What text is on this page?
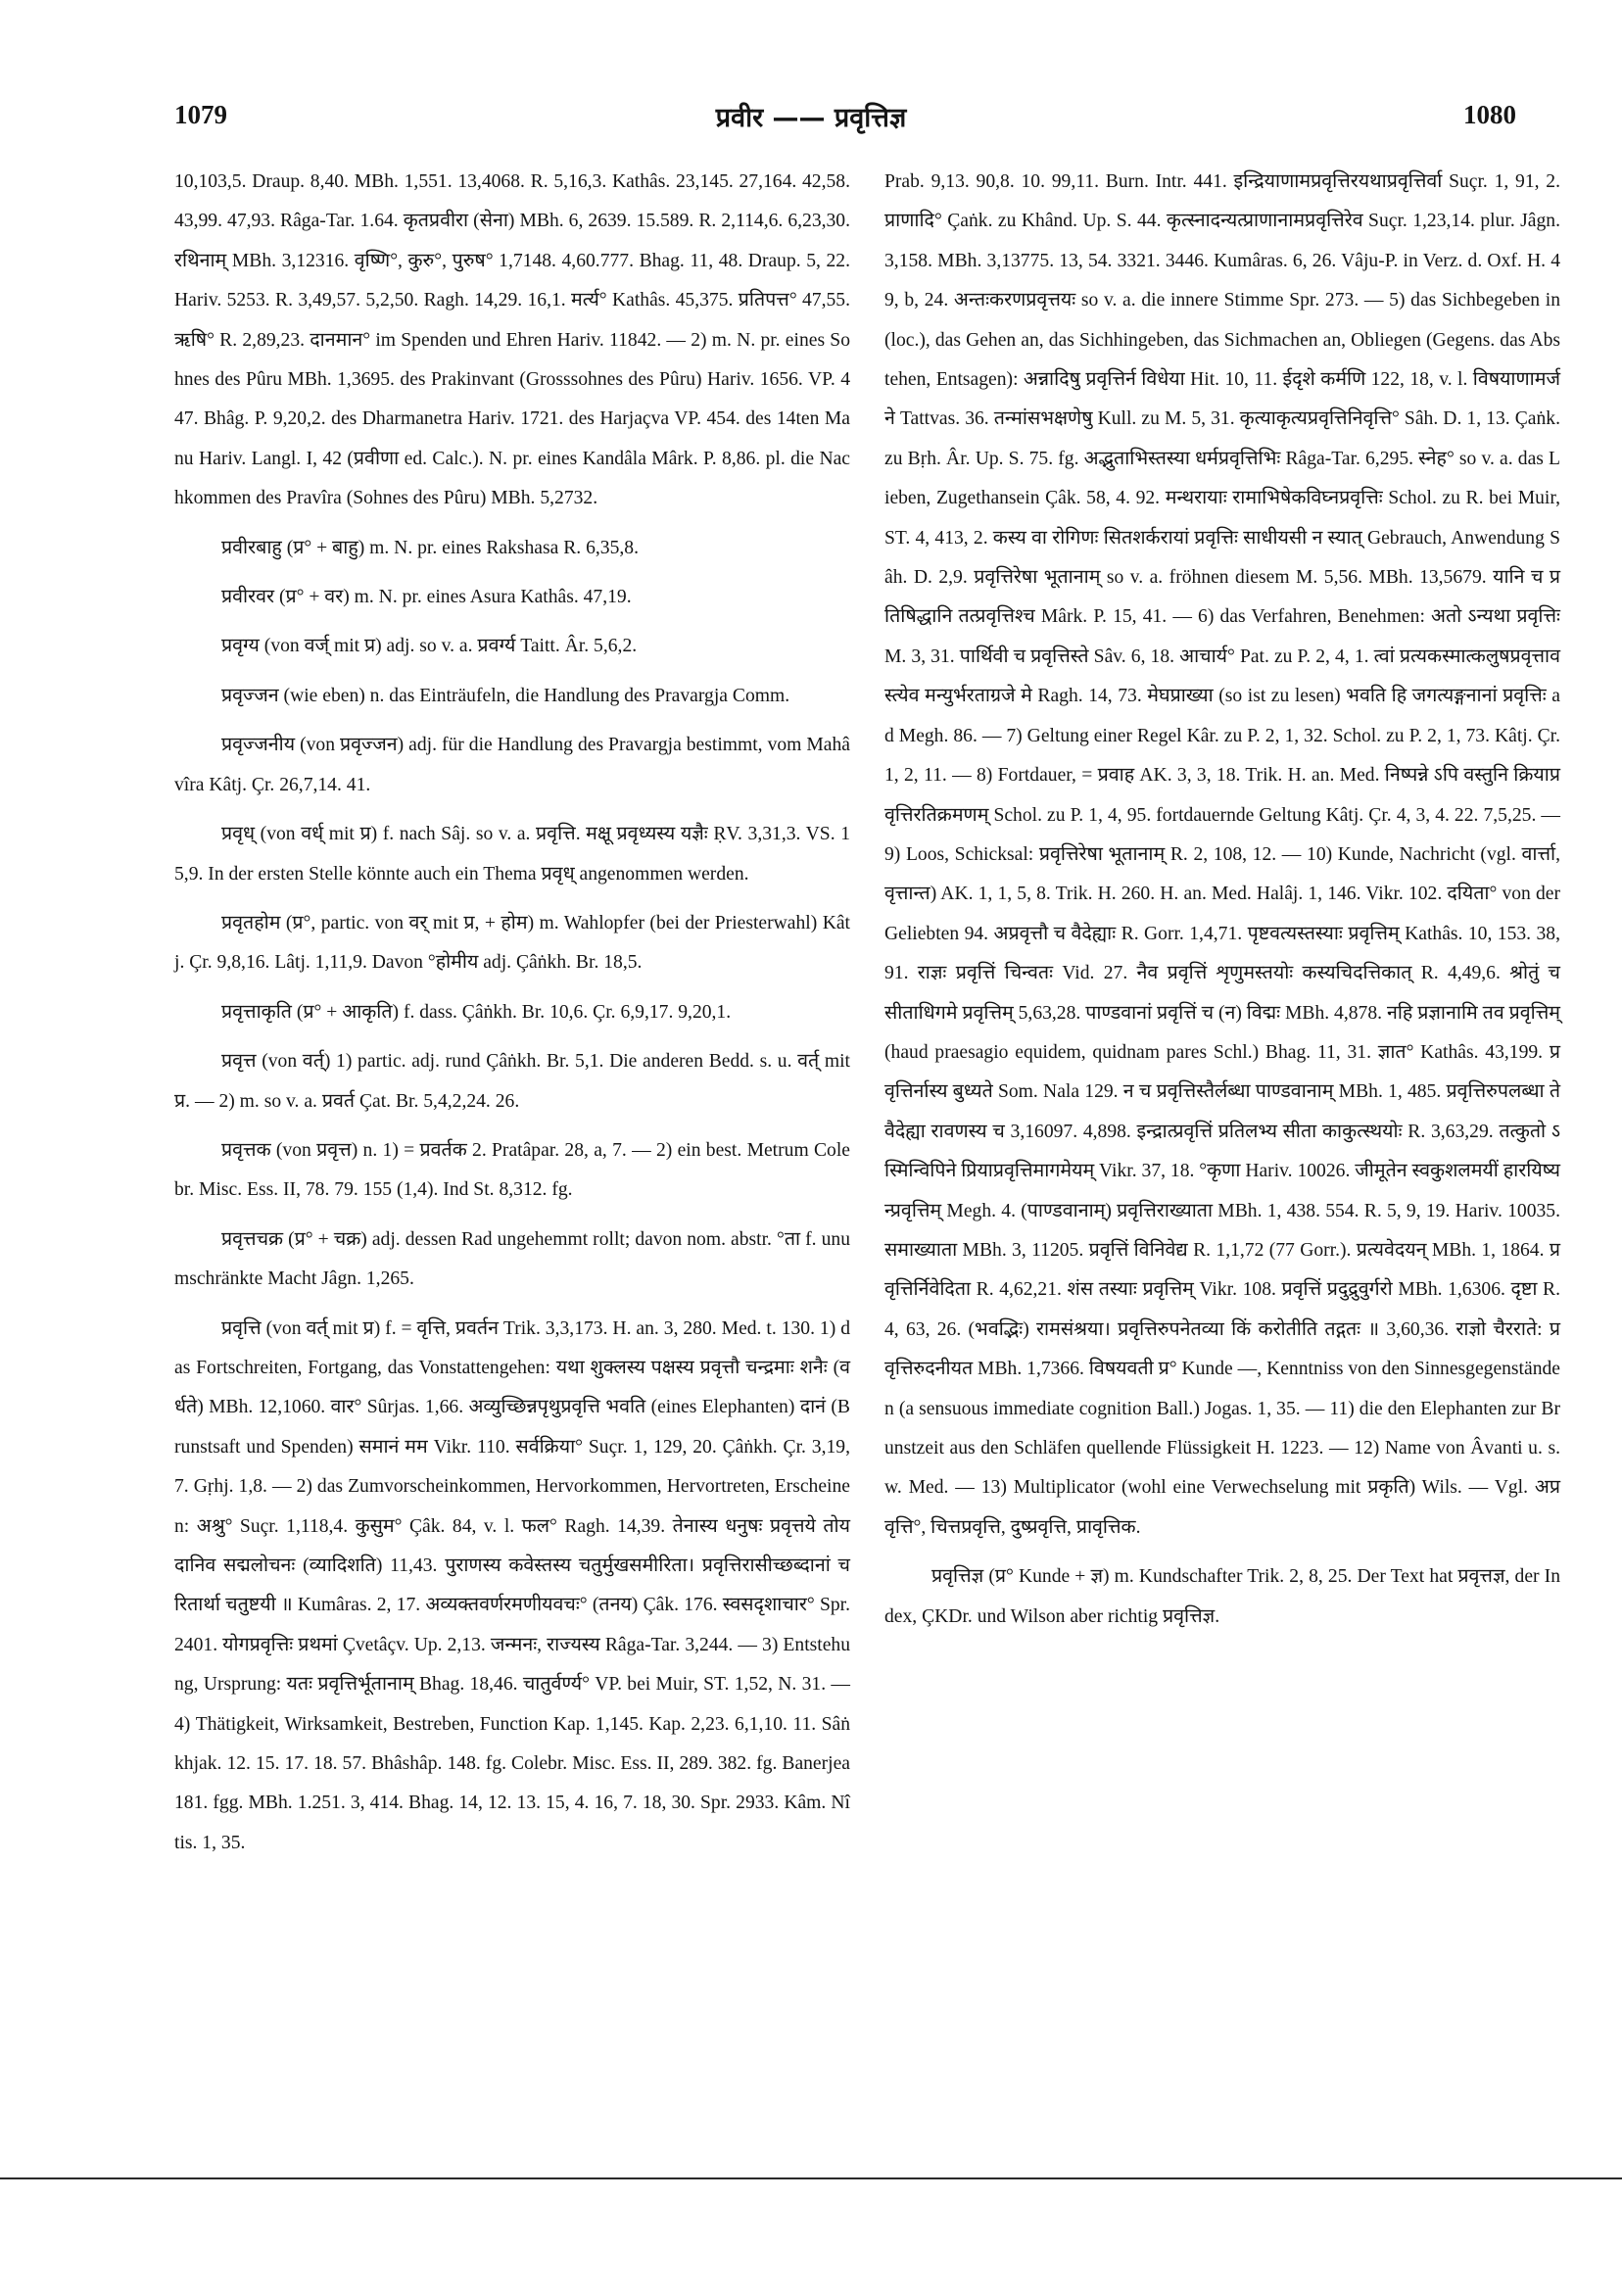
1079	प्रवीर —— प्रवृत्तिज्ञ	1080

10,103,5. Draup. 8,40. MBh. 1,551. 13,4068. R. 5,16,3. Kathâs. 23,145. 27,164. 42,58. 43,99. 47,93. Râga-Tar. 1.64. कृतप्रवीरा (सेना) MBh. 6, 2639. 15.589. R. 2,114,6. 6,23,30. रथिनाम् MBh. 3,12316. वृष्णि°, कुरु°, पुरुष° 1,7148. 4,60.777. Bhag. 11, 48. Draup. 5, 22. Hariv. 5253. R. 3,49,57. 5,2,50. Ragh. 14,29. 16,1. मर्त्य° Kathâs. 45,375. प्रतिपत्त° 47,55. ऋषि° R. 2,89,23. दानमान° im Spenden und Ehren Hariv. 11842. — 2) m. N. pr. eines Sohnes des Pûru MBh. 1,3695. des Prakinvant (Grosssohnes des Pûru) Hariv. 1656. VP. 447. Bhâg. P. 9,20,2. des Dharmanetra Hariv. 1721. des Harjaçva VP. 454. des 14ten Manu Hariv. Langl. I, 42 (प्रवीणा ed. Calc.). N. pr. eines Kandâla Mârk. P. 8,86. pl. die Nachkommen des Pravîra (Sohnes des Pûru) MBh. 5,2732.

प्रवीरबाहु (प्र° + बाहु) m. N. pr. eines Rakshasa R. 6,35,8.

प्रवीरवर (प्र° + वर) m. N. pr. eines Asura Kathâs. 47,19.

प्रवृग्य (von वर्ज् mit प्र) adj. so v. a. प्रवर्ग्य Taitt. Âr. 5,6,2.

प्रवृज्जन (wie eben) n. das Einträufeln, die Handlung des Pravargja Comm.

प्रवृज्जनीय (von प्रवृज्जन) adj. für die Handlung des Pravargja bestimmt, vom Mahâvîra Kâtj. Çr. 26,7,14. 41.

प्रवृध् (von वर्ध् mit प्र) f. nach Sâj. so v. a. प्रवृत्ति. मक्षू प्रवृध्यस्य यज्ञैः ṚV. 3,31,3. VS. 15,9. In der ersten Stelle könnte auch ein Thema प्रवृध् angenommen werden.

प्रवृतहोम (प्र°, partic. von वर् mit प्र, + होम) m. Wahlopfer (bei der Priesterwahl) Kâtj. Çr. 9,8,16. Lâtj. 1,11,9. Davon °होमीय adj. Çâṅkh. Br. 18,5.

प्रवृत्ताकृति (प्र° + आकृति) f. dass. Çâṅkh. Br. 10,6. Çr. 6,9,17. 9,20,1.

प्रवृत्त (von वर्त्) 1) partic. adj. rund Çâṅkh. Br. 5,1. Die anderen Bedd. s. u. वर्त् mit प्र. — 2) m. so v. a. प्रवर्त Çat. Br. 5,4,2,24. 26.

प्रवृत्तक (von प्रवृत्त) n. 1) = प्रवर्तक 2. Pratâpar. 28, a, 7. — 2) ein best. Metrum Colebr. Misc. Ess. II, 78. 79. 155 (1,4). Ind St. 8,312. fg.

प्रवृत्तचक्र (प्र° + चक्र) adj. dessen Rad ungehemmt rollt; davon nom. abstr. °ता f. unumschränkte Macht Jâgn. 1,265.

प्रवृत्ति (von वर्त् mit प्र) f. = वृत्ति, प्रवर्तन Trik. 3,3,173. H. an. 3, 280. Med. t. 130. 1) das Fortschreiten, Fortgang, das Vonstattengehen: यथा शुक्लस्य पक्षस्य प्रवृत्तौ चन्द्रमाः शनैः (वर्धते) MBh. 12,1060. वार° Sûrjas. 1,66. अव्युच्छिन्नपृथुप्रवृत्ति भवति (eines Elephanten) दानं (Brunstsaft und Spenden) समानं मम Vikr. 110. सर्वक्रिया° Suçr. 1, 129, 20. Çâṅkh. Çr. 3,19,7. Gṛhj. 1,8. — 2) das Zumvorscheinkommen, Hervorkommen, Hervortreten, Erscheinen: अश्रु° Suçr. 1,118,4. कुसुम° Çâk. 84, v. l. फल° Ragh. 14,39. तेनास्य धनुषः प्रवृत्तये तोयदानिव सद्मलोचनः (व्यादिशति) 11,43. पुराणस्य कवेस्तस्य चतुर्मुखसमीरिता। प्रवृत्तिरासीच्छब्दानां चरितार्था चतुष्टयी ॥ Kumâras. 2, 17. अव्यक्तवर्णरमणीयवचः° (तनय) Çâk. 176. स्वसदृशाचार° Spr. 2401. योगप्रवृत्तिः प्रथमां Çvetâçv. Up. 2,13. जन्मनः, राज्यस्य Râga-Tar. 3,244. — 3) Entstehung, Ursprung: यतः प्रवृत्तिर्भूतानाम् Bhag. 18,46. चातुर्वर्ण्य° VP. bei Muir, ST. 1,52, N. 31. — 4) Thätigkeit, Wirksamkeit, Bestreben, Function Kap. 1,145. Kap. 2,23. 6,1,10. 11. Sâṅkhjak. 12. 15. 17. 18. 57. Bhâshâp. 148. fg. Colebr. Misc. Ess. II, 289. 382. fg. Banerjea 181. fgg. MBh. 1.251. 3, 414. Bhag. 14, 12. 13. 15, 4. 16, 7. 18, 30. Spr. 2933. Kâm. Nîtis. 1, 35.

Prab. 9,13. 90,8. 10. 99,11. Burn. Intr. 441. इन्द्रियाणामप्रवृत्तिरयथाप्रवृत्तिर्वा Suçr. 1, 91, 2. प्राणादि° Çaṅk. zu Khând. Up. S. 44. कृत्स्नादन्यत्प्राणानामप्रवृत्तिरेव Suçr. 1,23,14. plur. Jâgn. 3,158. MBh. 3,13775. 13, 54. 3321. 3446. Kumâras. 6, 26. Vâju-P. in Verz. d. Oxf. H. 49, b, 24. अन्तःकरणप्रवृत्तयः so v. a. die innere Stimme Spr. 273. — 5) das Sichbegeben in (loc.), das Gehen an, das Sichhingeben, das Sichmachen an, Obliegen (Gegens. das Abstehen, Entsagen): अन्नादिषु प्रवृत्तिर्न विधेया Hit. 10, 11. ईदृशे कर्मणि 122, 18, v. l. विषयाणामर्जने Tattvas. 36. तन्मांसभक्षणेषु Kull. zu M. 5, 31. कृत्याकृत्यप्रवृत्तिनिवृत्ति° Sâh. D. 1, 13. Çaṅk. zu Bṛh. Âr. Up. S. 75. fg. अद्भुताभिस्तस्या धर्मप्रवृत्तिभिः Râga-Tar. 6,295. स्नेह° so v. a. das Lieben, Zugethansein Çâk. 58, 4. 92. मन्थरायाः रामाभिषेकविघ्नप्रवृत्तिः Schol. zu R. bei Muir, ST. 4, 413, 2. कस्य वा रोगिणः सितशर्करायां प्रवृत्तिः साधीयसी न स्यात् Gebrauch, Anwendung Sâh. D. 2,9. प्रवृत्तिरेषा भूतानाम् so v. a. fröhnen diesem M. 5,56. MBh. 13,5679. यानि च प्रतिषिद्धानि तत्प्रवृत्तिश्च Mârk. P. 15, 41. — 6) das Verfahren, Benehmen: अतो ऽन्यथा प्रवृत्तिः M. 3, 31. पार्थिवी च प्रवृत्तिस्ते Sâv. 6, 18. आचार्य° Pat. zu P. 2, 4, 1. त्वां प्रत्यकस्मात्कलुषप्रवृत्तावस्त्येव मन्युर्भरताग्रजे मे Ragh. 14, 73. मेघप्राख्या (so ist zu lesen) भवति हि जगत्यङ्गनानां प्रवृत्तिः ad Megh. 86. — 7) Geltung einer Regel Kâr. zu P. 2, 1, 32. Schol. zu P. 2, 1, 73. Kâtj. Çr. 1, 2, 11. — 8) Fortdauer, = प्रवाह AK. 3, 3, 18. Trik. H. an. Med. निष्पन्ने ऽपि वस्तुनि क्रियाप्रवृत्तिरतिक्रमणम् Schol. zu P. 1, 4, 95. fortdauernde Geltung Kâtj. Çr. 4, 3, 4. 22. 7,5,25. — 9) Loos, Schicksal: प्रवृत्तिरेषा भूतानाम् R. 2, 108, 12. — 10) Kunde, Nachricht (vgl. वार्त्ता, वृत्तान्त) AK. 1, 1, 5, 8. Trik. H. 260. H. an. Med. Halâj. 1, 146. Vikr. 102. दयिता° von der Geliebten 94. अप्रवृत्तौ च वैदेह्याः R. Gorr. 1,4,71. पृष्टवत्यस्तस्याः प्रवृत्तिम् Kathâs. 10, 153. 38,91. राज्ञः प्रवृत्तिं चिन्वतः Vid. 27. नैव प्रवृत्तिं शृणुमस्तयोः कस्यचिदत्तिकात् R. 4,49,6. श्रोतुं च सीताधिगमे प्रवृत्तिम् 5,63,28. पाण्डवानां प्रवृत्तिं च (न) विद्मः MBh. 4,878. नहि प्रज्ञानामि तव प्रवृत्तिम् (haud praesagio equidem, quidnam pares Schl.) Bhag. 11, 31. ज्ञात° Kathâs. 43,199. प्रवृत्तिर्नास्य बुध्यते Som. Nala 129. न च प्रवृत्तिस्तैर्लब्धा पाण्डवानाम् MBh. 1, 485. प्रवृत्तिरुपलब्धा ते वैदेह्या रावणस्य च 3,16097. 4,898. इन्द्रात्प्रवृत्तिं प्रतिलभ्य सीता काकुत्स्थयोः R. 3,63,29. तत्कुतो ऽस्मिन्विपिने प्रियाप्रवृत्तिमागमेयम् Vikr. 37, 18. °कृणा Hariv. 10026. जीमूतेन स्वकुशलमयीं हारयिष्यन्प्रवृत्तिम् Megh. 4. (पाण्डवानाम्) प्रवृत्तिराख्याता MBh. 1, 438. 554. R. 5, 9, 19. Hariv. 10035. समाख्याता MBh. 3, 11205. प्रवृत्तिं विनिवेद्य R. 1,1,72 (77 Gorr.). प्रत्यवेदयन् MBh. 1, 1864. प्रवृत्तिर्निवेदिता R. 4,62,21. शंस तस्याः प्रवृत्तिम् Vikr. 108. प्रवृत्तिं प्रदुद्रुवुर्गरो MBh. 1,6306. दृष्टा R. 4, 63, 26. (भवद्भिः) रामसंश्रया। प्रवृत्तिरुपनेतव्या किं करोतीति तद्गतः ॥ 3,60,36. राज्ञो चैरराते: प्रवृत्तिरुदनीयत MBh. 1,7366. विषयवती प्र° Kunde —, Kenntniss von den Sinnesgegenständen (a sensuous immediate cognition Ball.) Jogas. 1, 35. — 11) die den Elephanten zur Brunstzeit aus den Schläfen quellende Flüssigkeit H. 1223. — 12) Name von Âvanti u. s. w. Med. — 13) Multiplicator (wohl eine Verwechselung mit प्रकृति) Wils. — Vgl. अप्रवृत्ति°, चित्तप्रवृत्ति, दुष्प्रवृत्ति, प्रावृत्तिक.

प्रवृत्तिज्ञ (प्र° Kunde + ज्ञ) m. Kundschafter Trik. 2, 8, 25. Der Text hat प्रवृत्तज्ञ, der Index, ÇKDr. und Wilson aber richtig प्रवृत्तिज्ञ.
